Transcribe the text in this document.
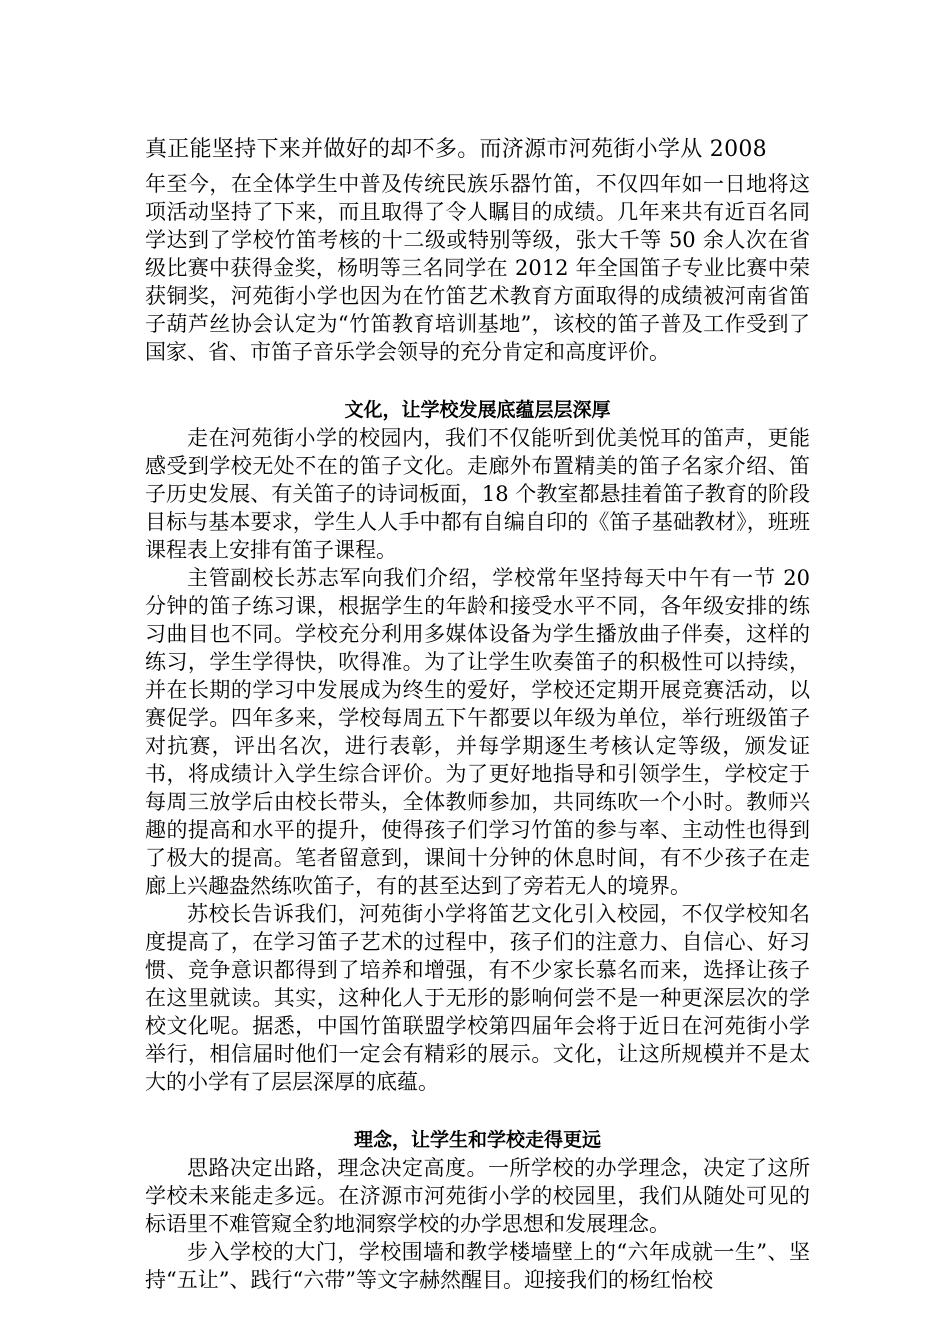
真正能坚持下来并做好的却不多。而济源市河苑街小学从 2008

年至今，在全体学生中普及传统民族乐器竹笛，不仅四年如一日地将这项活动坚持了下来，而且取得了令人瞩目的成绩。几年来共有近百名同学达到了学校竹笛考核的十二级或特别等级，张大千等 50 余人次在省级比赛中获得金奖，杨明等三名同学在 2012 年全国笛子专业比赛中荣获铜奖，河苑街小学也因为在竹笛艺术教育方面取得的成绩被河南省笛子葫芦丝协会认定为“竹笛教育培训基地”，该校的笛子普及工作受到了国家、省、市笛子音乐学会领导的充分肯定和高度评价。

文化，让学校发展底蕴层层深厚

走在河苑街小学的校园内，我们不仅能听到优美悦耳的笛声，更能感受到学校无处不在的笛子文化。走廊外布置精美的笛子名家介绍、笛子历史发展、有关笛子的诗词板面，18 个教室都悬挂着笛子教育的阶段目标与基本要求，学生人人手中都有自编自印的《笛子基础教材》，班班课程表上安排有笛子课程。

主管副校长苏志军向我们介绍，学校常年坚持每天中午有一节 20 分钟的笛子练习课，根据学生的年龄和接受水平不同，各年级安排的练习曲目也不同。学校充分利用多媒体设备为学生播放曲子伴奏，这样的练习，学生学得快，吹得准。为了让学生吹奏笛子的积极性可以持续，并在长期的学习中发展成为终生的爱好，学校还定期开展竞赛活动，以赛促学。四年多来，学校每周五下午都要以年级为单位，举行班级笛子对抗赛，评出名次，进行表彰，并每学期逐生考核认定等级，颁发证书，将成绩计入学生综合评价。为了更好地指导和引领学生，学校定于每周三放学后由校长带头，全体教师参加，共同练吹一个小时。教师兴趣的提高和水平的提升，使得孩子们学习竹笛的参与率、主动性也得到了极大的提高。笔者留意到，课间十分钟的休息时间，有不少孩子在走廊上兴趣盎然练吹笛子，有的甚至达到了旁若无人的境界。

苏校长告诉我们，河苑街小学将笛艺文化引入校园，不仅学校知名度提高了，在学习笛子艺术的过程中，孩子们的注意力、自信心、好习惯、竞争意识都得到了培养和增强，有不少家长慕名而来，选择让孩子在这里就读。其实，这种化人于无形的影响何尝不是一种更深层次的学校文化呢。据悉，中国竹笛联盟学校第四届年会将于近日在河苑街小学举行，相信届时他们一定会有精彩的展示。文化，让这所规模并不是太大的小学有了层层深厚的底蕴。

理念，让学生和学校走得更远

思路决定出路，理念决定高度。一所学校的办学理念，决定了这所学校未来能走多远。在济源市河苑街小学的校园里，我们从随处可见的标语里不难管窥全豹地洞察学校的办学思想和发展理念。

步入学校的大门，学校围墙和教学楼墙壁上的“六年成就一生”、坚持“五让”、践行“六带”等文字赫然醒目。迎接我们的杨红怡校
